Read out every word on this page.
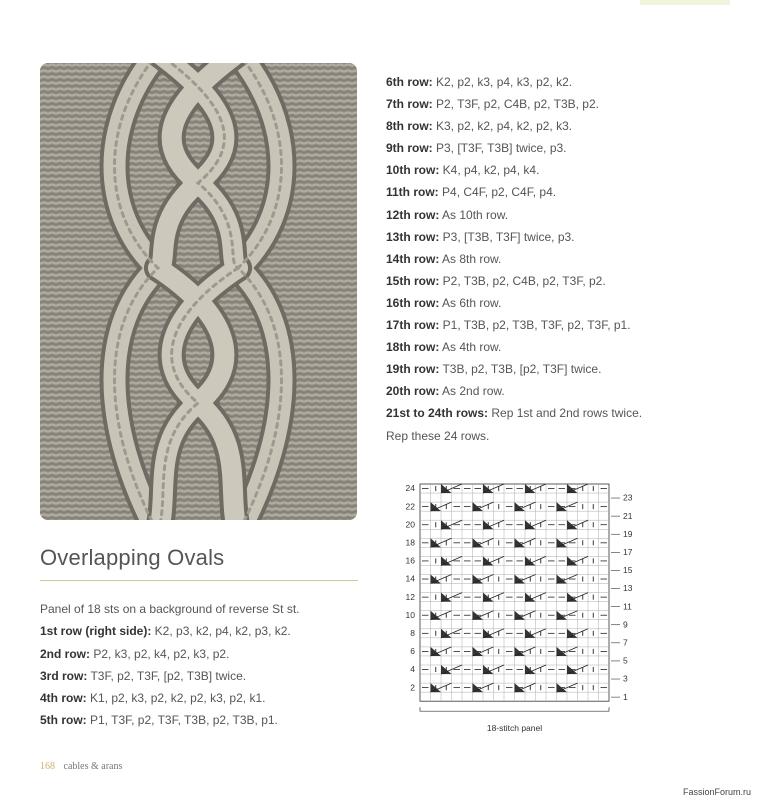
6th row: K2, p2, k3, p4, k3, p2, k2.
7th row: P2, T3F, p2, C4B, p2, T3B, p2.
8th row: K3, p2, k2, p4, k2, p2, k3.
9th row: P3, [T3F, T3B] twice, p3.
10th row: K4, p4, k2, p4, k4.
11th row: P4, C4F, p2, C4F, p4.
12th row: As 10th row.
13th row: P3, [T3B, T3F] twice, p3.
14th row: As 8th row.
15th row: P2, T3B, p2, C4B, p2, T3F, p2.
16th row: As 6th row.
17th row: P1, T3B, p2, T3B, T3F, p2, T3F, p1.
18th row: As 4th row.
19th row: T3B, p2, T3B, [p2, T3F] twice.
20th row: As 2nd row.
21st to 24th rows: Rep 1st and 2nd rows twice.
Rep these 24 rows.
Overlapping Ovals
Panel of 18 sts on a background of reverse St st.
1st row (right side): K2, p3, k2, p4, k2, p3, k2.
2nd row: P2, k3, p2, k4, p2, k3, p2.
3rd row: T3F, p2, T3F, [p2, T3B] twice.
4th row: K1, p2, k3, p2, k2, p2, k3, p2, k1.
5th row: P1, T3F, p2, T3F, T3B, p2, T3B, p1.
24
22
20
18
16
14
12
10
8
6
4
2
23
21
19
17
15
13
11
9
7
5
3
1
18-stitch panel
168 cables & arans
FassionForum.ru
